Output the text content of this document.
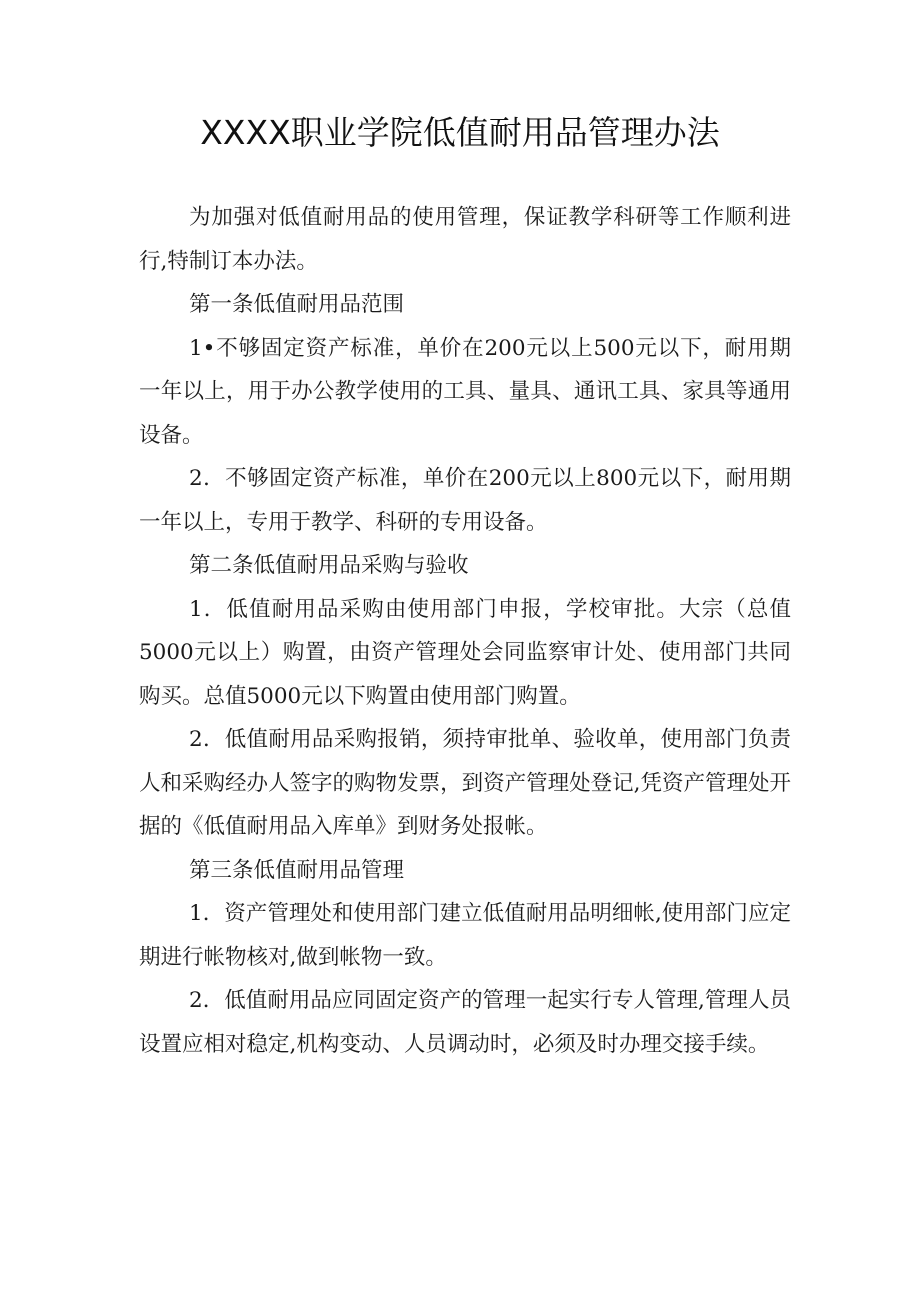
XXXX职业学院低值耐用品管理办法

为加强对低值耐用品的使用管理，保证教学科研等工作顺利进行,特制订本办法。

第一条低值耐用品范围

1•不够固定资产标准，单价在200元以上500元以下，耐用期一年以上，用于办公教学使用的工具、量具、通讯工具、家具等通用设备。

2．不够固定资产标准，单价在200元以上800元以下，耐用期一年以上，专用于教学、科研的专用设备。

第二条低值耐用品采购与验收

1．低值耐用品采购由使用部门申报，学校审批。大宗（总值5000元以上）购置，由资产管理处会同监察审计处、使用部门共同购买。总值5000元以下购置由使用部门购置。

2．低值耐用品采购报销，须持审批单、验收单，使用部门负责人和采购经办人签字的购物发票，到资产管理处登记,凭资产管理处开据的《低值耐用品入库单》到财务处报帐。

第三条低值耐用品管理

1．资产管理处和使用部门建立低值耐用品明细帐,使用部门应定期进行帐物核对,做到帐物一致。

2．低值耐用品应同固定资产的管理一起实行专人管理,管理人员设置应相对稳定,机构变动、人员调动时，必须及时办理交接手续。
